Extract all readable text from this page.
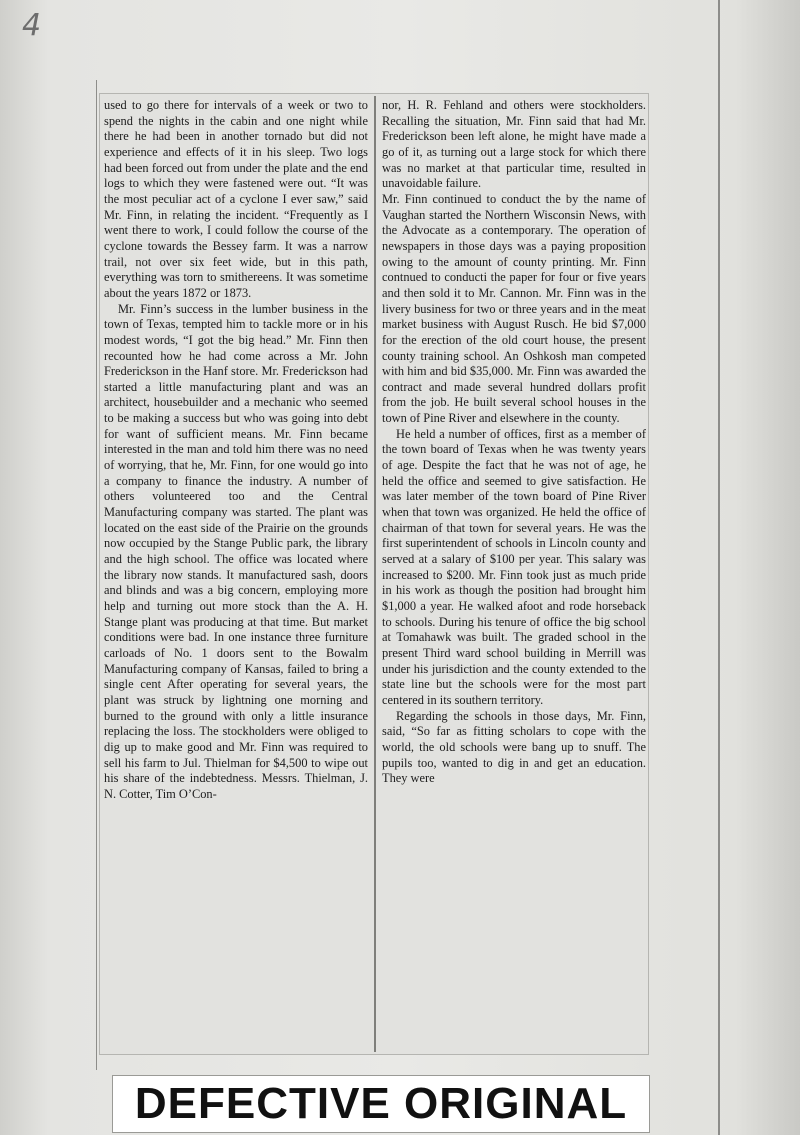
4

used to go there for intervals of a week or two to spend the nights in the cabin and one night while there he had been in another tornado but did not experience and effects of it in his sleep. Two logs had been forced out from under the plate and the end logs to which they were fastened were out. “It was the most peculiar act of a cyclone I ever saw,” said Mr. Finn, in relating the incident. “Frequently as I went there to work, I could follow the course of the cyclone towards the Bessey farm. It was a narrow trail, not over six feet wide, but in this path, everything was torn to smithereens. It was sometime about the years 1872 or 1873.

Mr. Finn’s success in the lumber business in the town of Texas, tempted him to tackle more or in his modest words, “I got the big head.” Mr. Finn then recounted how he had come across a Mr. John Frederickson in the Hanf store. Mr. Frederickson had started a little manufacturing plant and was an architect, housebuilder and a mechanic who seemed to be making a success but who was going into debt for want of sufficient means. Mr. Finn became interested in the man and told him there was no need of worrying, that he, Mr. Finn, for one would go into a company to finance the industry. A number of others volunteered too and the Central Manufacturing company was started. The plant was located on the east side of the Prairie on the grounds now occupied by the Stange Public park, the library and the high school. The office was located where the library now stands. It manufactured sash, doors and blinds and was a big concern, employing more help and turning out more stock than the A. H. Stange plant was producing at that time. But market conditions were bad. In one instance three furniture carloads of No. 1 doors sent to the Bowalm Manufacturing company of Kansas, failed to bring a single cent After operating for several years, the plant was struck by lightning one morning and burned to the ground with only a little insurance replacing the loss. The stockholders were obliged to dig up to make good and Mr. Finn was required to sell his farm to Jul. Thielman for $4,500 to wipe out his share of the indebtedness. Messrs. Thielman, J. N. Cotter, Tim O’Con-

nor, H. R. Fehland and others were stockholders. Recalling the situation, Mr. Finn said that had Mr. Frederickson been left alone, he might have made a go of it, as turning out a large stock for which there was no market at that particular time, resulted in unavoidable failure.

Mr. Finn continued to conduct the by the name of Vaughan started the Northern Wisconsin News, with the Advocate as a contemporary. The operation of newspapers in those days was a paying proposition owing to the amount of county printing. Mr. Finn contnued to conducti the paper for four or five years and then sold it to Mr. Cannon. Mr. Finn was in the livery business for two or three years and in the meat market business with August Rusch. He bid $7,000 for the erection of the old court house, the present county training school. An Oshkosh man competed with him and bid $35,000. Mr. Finn was awarded the contract and made several hundred dollars profit from the job. He built several school houses in the town of Pine River and elsewhere in the county.

He held a number of offices, first as a member of the town board of Texas when he was twenty years of age. Despite the fact that he was not of age, he held the office and seemed to give satisfaction. He was later member of the town board of Pine River when that town was organized. He held the office of chairman of that town for several years. He was the first superintendent of schools in Lincoln county and served at a salary of $100 per year. This salary was increased to $200. Mr. Finn took just as much pride in his work as though the position had brought him $1,000 a year. He walked afoot and rode horseback to schools. During his tenure of office the big school at Tomahawk was built. The graded school in the present Third ward school building in Merrill was under his jurisdiction and the county extended to the state line but the schools were for the most part centered in its southern territory.

Regarding the schools in those days, Mr. Finn, said, “So far as fitting scholars to cope with the world, the old schools were bang up to snuff. The pupils too, wanted to dig in and get an education. They were

DEFECTIVE ORIGINAL
